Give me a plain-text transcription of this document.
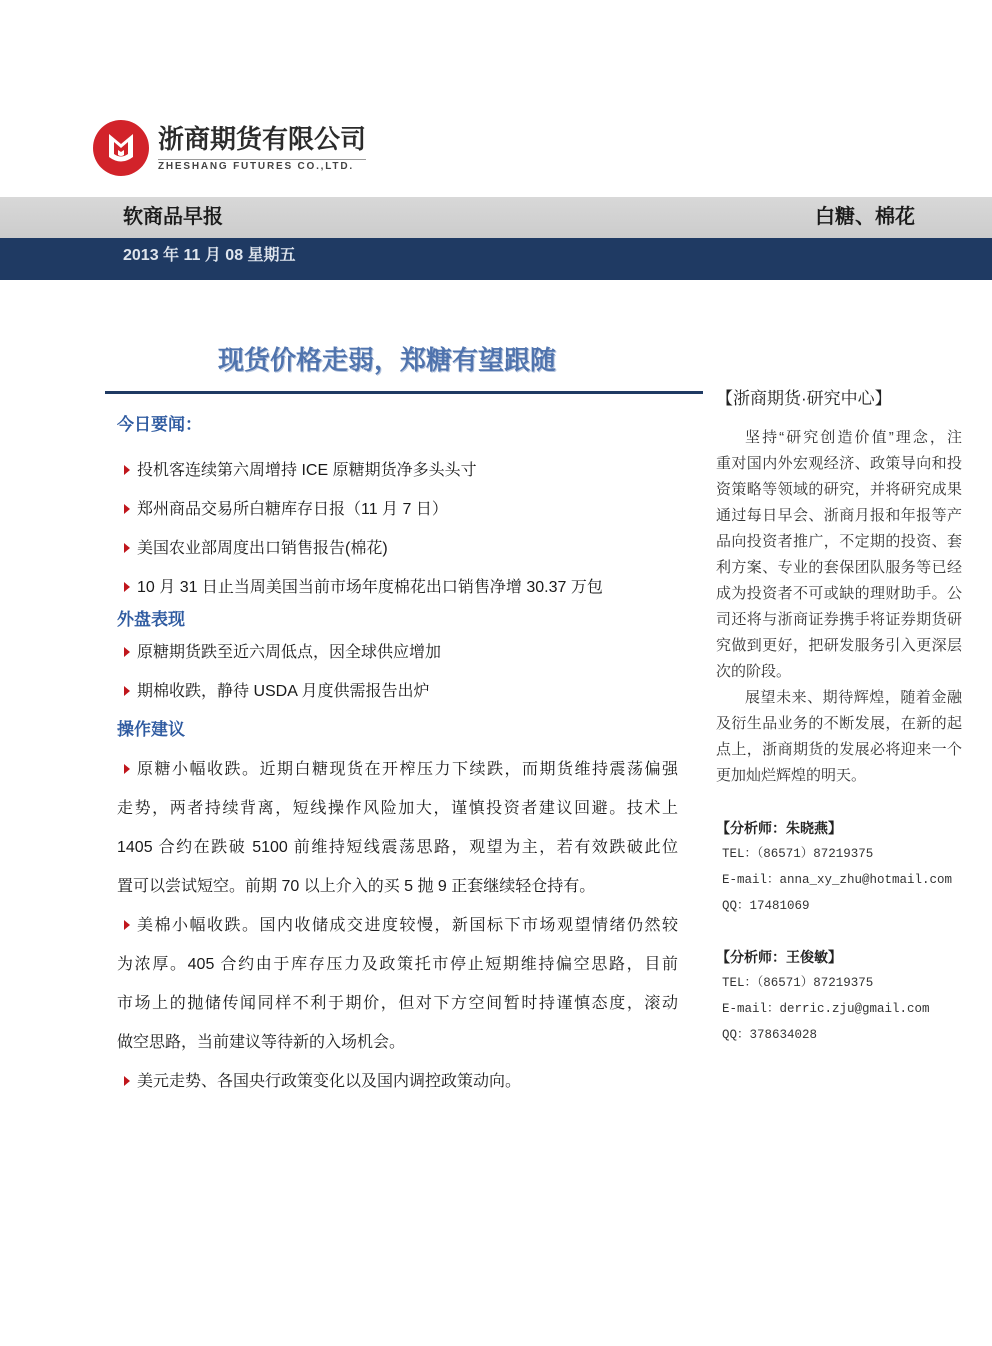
浙商期货有限公司
ZHESHANG FUTURES CO.,LTD.
软商品早报	白糖、棉花
2013 年 11 月 08 星期五
现货价格走弱，郑糖有望跟随
今日要闻：
投机客连续第六周增持 ICE 原糖期货净多头头寸
郑州商品交易所白糖库存日报（11 月 7 日）
美国农业部周度出口销售报告(棉花)
10 月 31 日止当周美国当前市场年度棉花出口销售净增 30.37 万包
外盘表现
原糖期货跌至近六周低点，因全球供应增加
期棉收跌，静待 USDA 月度供需报告出炉
操作建议
原糖小幅收跌。近期白糖现货在开榨压力下续跌，而期货维持震荡偏强
走势，两者持续背离，短线操作风险加大，谨慎投资者建议回避。技术上
1405 合约在跌破 5100 前维持短线震荡思路，观望为主，若有效跌破此位
置可以尝试短空。前期 70 以上介入的买 5 抛 9 正套继续轻仓持有。
美棉小幅收跌。国内收储成交进度较慢，新国标下市场观望情绪仍然较
为浓厚。405 合约由于库存压力及政策托市停止短期维持偏空思路，目前
市场上的抛储传闻同样不利于期价，但对下方空间暂时持谨慎态度，滚动
做空思路，当前建议等待新的入场机会。
美元走势、各国央行政策变化以及国内调控政策动向。
【浙商期货·研究中心】
坚持“研究创造价值”理念，注
重对国内外宏观经济、政策导向和投
资策略等领域的研究，并将研究成果
通过每日早会、浙商月报和年报等产
品向投资者推广，不定期的投资、套
利方案、专业的套保团队服务等已经
成为投资者不可或缺的理财助手。公
司还将与浙商证券携手将证券期货研
究做到更好，把研发服务引入更深层
次的阶段。
展望未来、期待辉煌，随着金融
及衍生品业务的不断发展，在新的起
点上，浙商期货的发展必将迎来一个
更加灿烂辉煌的明天。
【分析师：朱晓燕】
TEL：（86571）87219375
E-mail：anna_xy_zhu@hotmail.com
QQ：17481069
【分析师：王俊敏】
TEL：（86571）87219375
E-mail：derric.zju@gmail.com
QQ：378634028
